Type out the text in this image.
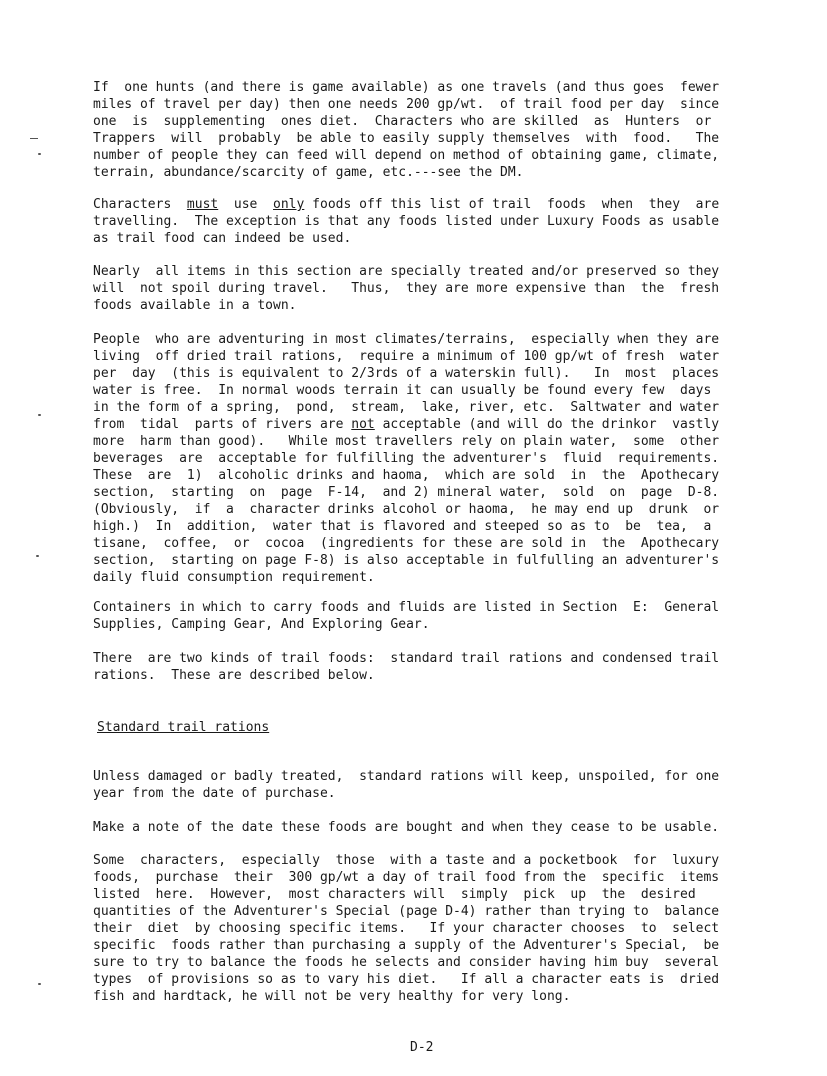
If  one hunts (and there is game available) as one travels (and thus goes  fewer
miles of travel per day) then one needs 200 gp/wt.  of trail food per day  since
one  is  supplementing  ones diet.  Characters who are skilled  as  Hunters  or
Trappers  will  probably  be able to easily supply themselves  with  food.   The
number of people they can feed will depend on method of obtaining game, climate,
terrain, abundance/scarcity of game, etc.---see the DM.
Characters  must  use  only foods off this list of trail  foods  when  they  are
travelling.  The exception is that any foods listed under Luxury Foods as usable
as trail food can indeed be used.
Nearly  all items in this section are specially treated and/or preserved so they
will  not spoil during travel.   Thus,  they are more expensive than  the  fresh
foods available in a town.
People  who are adventuring in most climates/terrains,  especially when they are
living  off dried trail rations,  require a minimum of 100 gp/wt of fresh  water
per  day  (this is equivalent to 2/3rds of a waterskin full).   In  most  places
water is free.  In normal woods terrain it can usually be found every few  days
in the form of a spring,  pond,  stream,  lake, river, etc.  Saltwater and water
from  tidal  parts of rivers are not acceptable (and will do the drinkor  vastly
more  harm than good).   While most travellers rely on plain water,  some  other
beverages  are  acceptable for fulfilling the adventurer's  fluid  requirements.
These  are  1)  alcoholic drinks and haoma,  which are sold  in  the  Apothecary
section,  starting  on  page  F-14,  and 2) mineral water,  sold  on  page  D-8.
(Obviously,  if  a  character drinks alcohol or haoma,  he may end up  drunk  or
high.)  In  addition,  water that is flavored and steeped so as to  be  tea,  a
tisane,  coffee,  or  cocoa  (ingredients for these are sold in  the  Apothecary
section,  starting on page F-8) is also acceptable in fulfulling an adventurer's
daily fluid consumption requirement.
Containers in which to carry foods and fluids are listed in Section  E:  General
Supplies, Camping Gear, And Exploring Gear.
There  are two kinds of trail foods:  standard trail rations and condensed trail
rations.  These are described below.
Standard trail rations
Unless damaged or badly treated,  standard rations will keep, unspoiled, for one
year from the date of purchase.
Make a note of the date these foods are bought and when they cease to be usable.
Some  characters,  especially  those  with a taste and a pocketbook  for  luxury
foods,  purchase  their  300 gp/wt a day of trail food from the  specific  items
listed  here.  However,  most characters will  simply  pick  up  the  desired
quantities of the Adventurer's Special (page D-4) rather than trying to  balance
their  diet  by choosing specific items.   If your character chooses  to  select
specific  foods rather than purchasing a supply of the Adventurer's Special,  be
sure to try to balance the foods he selects and consider having him buy  several
types  of provisions so as to vary his diet.   If all a character eats is  dried
fish and hardtack, he will not be very healthy for very long.
D-2
